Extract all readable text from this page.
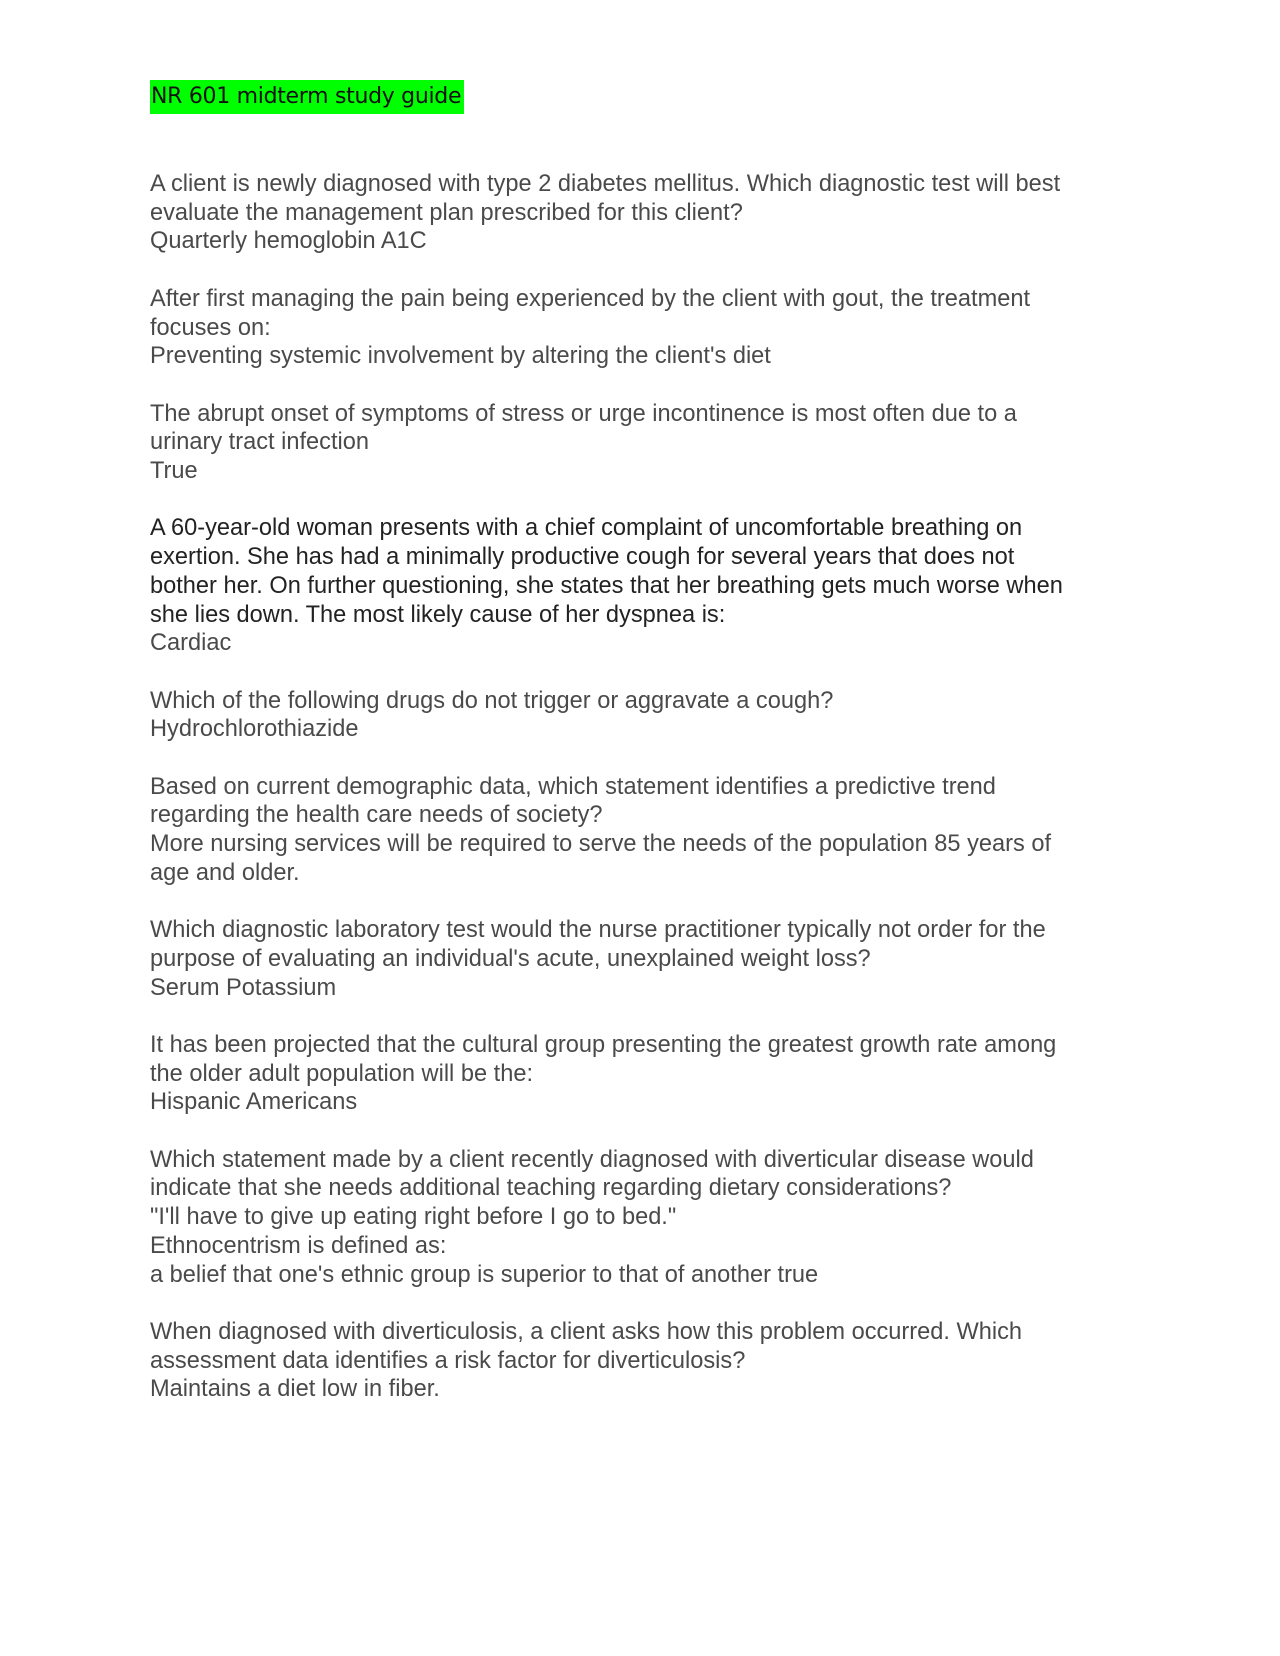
NR 601 midterm study guide
A client is newly diagnosed with type 2 diabetes mellitus. Which diagnostic test will best
evaluate the management plan prescribed for this client?
Quarterly hemoglobin A1C
After first managing the pain being experienced by the client with gout, the treatment
focuses on:
Preventing systemic involvement by altering the client's diet
The abrupt onset of symptoms of stress or urge incontinence is most often due to a
urinary tract infection
True
A 60-year-old woman presents with a chief complaint of uncomfortable breathing on
exertion. She has had a minimally productive cough for several years that does not
bother her. On further questioning, she states that her breathing gets much worse when
she lies down. The most likely cause of her dyspnea is:
Cardiac
Which of the following drugs do not trigger or aggravate a cough?
Hydrochlorothiazide
Based on current demographic data, which statement identifies a predictive trend
regarding the health care needs of society?
More nursing services will be required to serve the needs of the population 85 years of
age and older.
Which diagnostic laboratory test would the nurse practitioner typically not order for the
purpose of evaluating an individual's acute, unexplained weight loss?
Serum Potassium
It has been projected that the cultural group presenting the greatest growth rate among
the older adult population will be the:
Hispanic Americans
Which statement made by a client recently diagnosed with diverticular disease would
indicate that she needs additional teaching regarding dietary considerations?
"I'll have to give up eating right before I go to bed."
Ethnocentrism is defined as:
a belief that one's ethnic group is superior to that of another true
When diagnosed with diverticulosis, a client asks how this problem occurred. Which
assessment data identifies a risk factor for diverticulosis?
Maintains a diet low in fiber.
